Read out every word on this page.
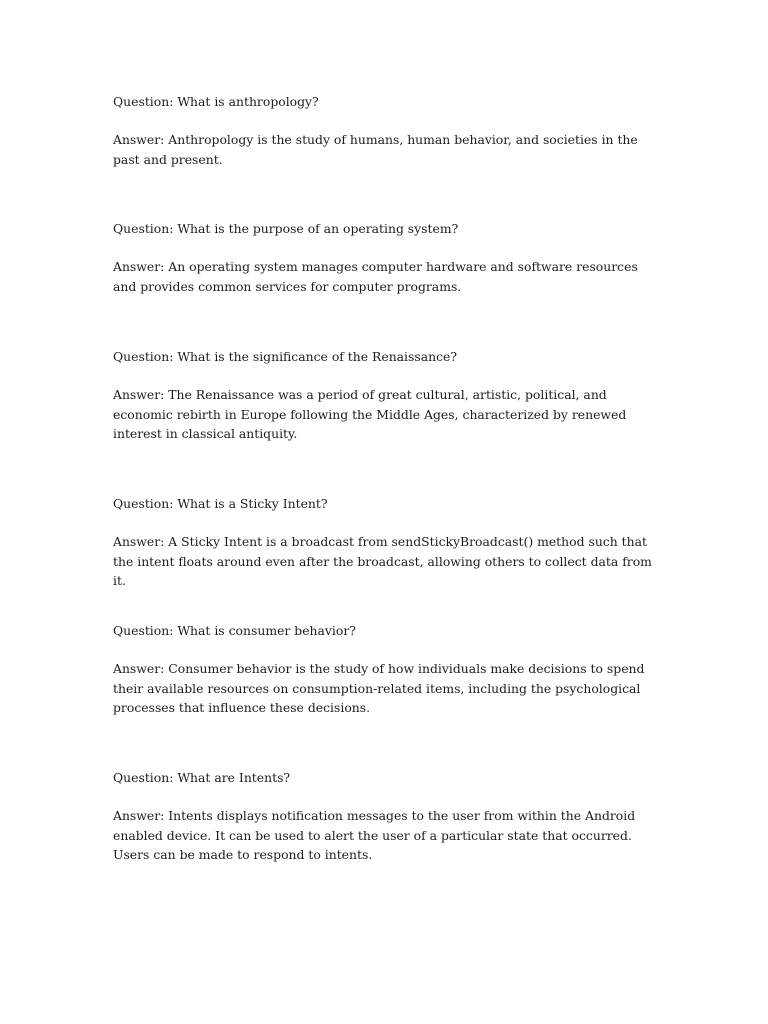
Question: What is anthropology?

Answer: Anthropology is the study of humans, human behavior, and societies in the past and present.

Question: What is the purpose of an operating system?

Answer: An operating system manages computer hardware and software resources and provides common services for computer programs.

Question: What is the significance of the Renaissance?

Answer: The Renaissance was a period of great cultural, artistic, political, and economic rebirth in Europe following the Middle Ages, characterized by renewed interest in classical antiquity.

Question: What is a Sticky Intent?

Answer: A Sticky Intent is a broadcast from sendStickyBroadcast() method such that the intent floats around even after the broadcast, allowing others to collect data from it.

Question: What is consumer behavior?

Answer: Consumer behavior is the study of how individuals make decisions to spend their available resources on consumption-related items, including the psychological processes that influence these decisions.

Question: What are Intents?

Answer: Intents displays notification messages to the user from within the Android enabled device. It can be used to alert the user of a particular state that occurred. Users can be made to respond to intents.
